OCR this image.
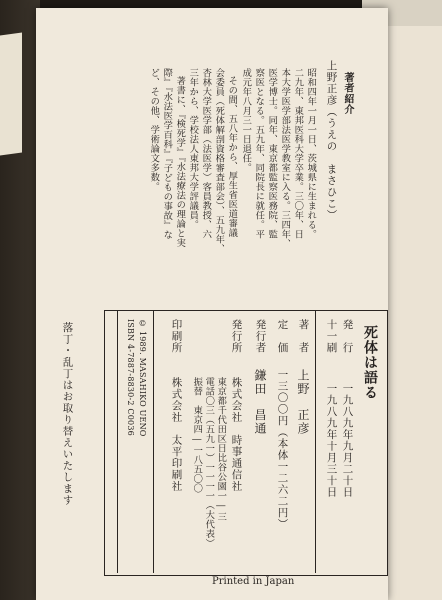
著者紹介
上野正彦（うえの　まさひこ）
昭和四年一月一日、茨城県に生まれる。
二九年、東邦医科大学卒業。三〇年、日
本大学医学部法医学教室に入る。三四年、
医学博士。同年、東京都監察医務院、監
察医となる。五九年、同院長に就任。平
成元年八月三一日退任。
その間、五八年から、厚生省医道審議
会委員（死体解剖資格審査部会）、五九年、
杏林大学医学部（法医学）客員教授、六
三年から、学校法人東邦大学評議員。
著書に、『検死学』『水法療法の理論と実
際』『水法医学百科』『子どもの事故』な
ど、その他、学術論文多数。
死体は語る
発　行
一九八九年九月二十日
十一刷
一九八九年十月三十日
著　者
上野　正彦
定　価
一三〇〇円（本体一二六二円）
発行者
鎌田　昌通
発行所
株式会社　時事通信社
東京都千代田区日比谷公園一―三
電話〇三（五九一）一一一一（大代表）
振替　東京四―一八五〇〇
印刷所
株式会社　太平印刷社
© 1989. MASAHIKO UENO
ISBN 4-7887-8830-2 C0036
落丁・乱丁はお取り替えいたします
Printed in Japan
